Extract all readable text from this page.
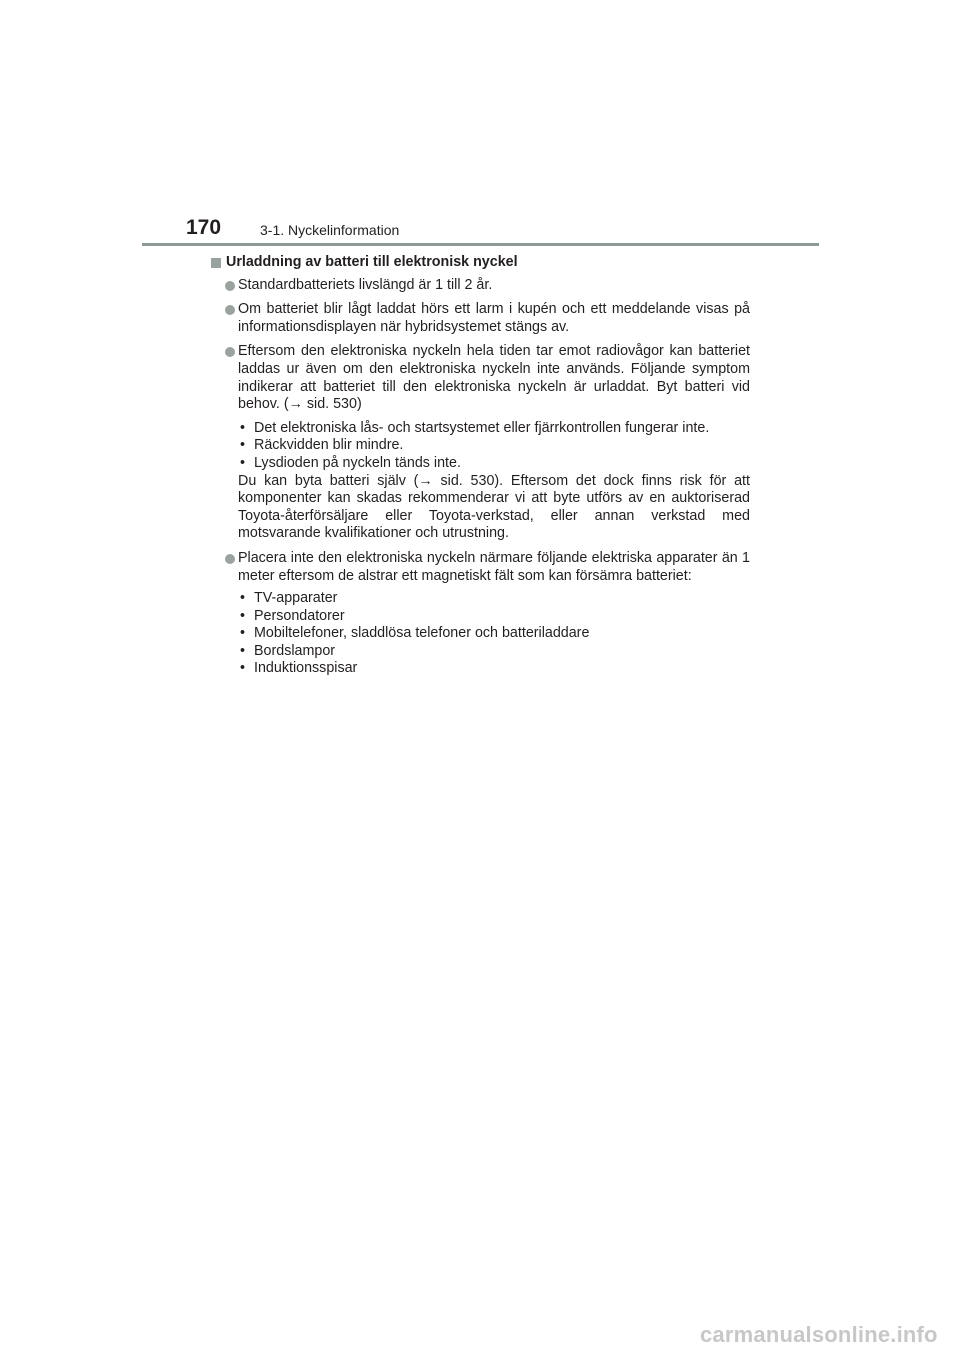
170	3-1. Nyckelinformation
Urladdning av batteri till elektronisk nyckel
Standardbatteriets livslängd är 1 till 2 år.
Om batteriet blir lågt laddat hörs ett larm i kupén och ett meddelande visas på informationsdisplayen när hybridsystemet stängs av.
Eftersom den elektroniska nyckeln hela tiden tar emot radiovågor kan batteriet laddas ur även om den elektroniska nyckeln inte används. Följande symptom indikerar att batteriet till den elektroniska nyckeln är urladdat. Byt batteri vid behov. (→ sid. 530)
• Det elektroniska lås- och startsystemet eller fjärrkontrollen fungerar inte.
• Räckvidden blir mindre.
• Lysdioden på nyckeln tänds inte.
Du kan byta batteri själv (→ sid. 530). Eftersom det dock finns risk för att komponenter kan skadas rekommenderar vi att byte utförs av en auktoriserad Toyota-återförsäljare eller Toyota-verkstad, eller annan verkstad med motsvarande kvalifikationer och utrustning.
Placera inte den elektroniska nyckeln närmare följande elektriska apparater än 1 meter eftersom de alstrar ett magnetiskt fält som kan försämra batteriet:
• TV-apparater
• Persondatorer
• Mobiltelefoner, sladdlösa telefoner och batteriladdare
• Bordslampor
• Induktionsspisar
carmanualsonline.info
